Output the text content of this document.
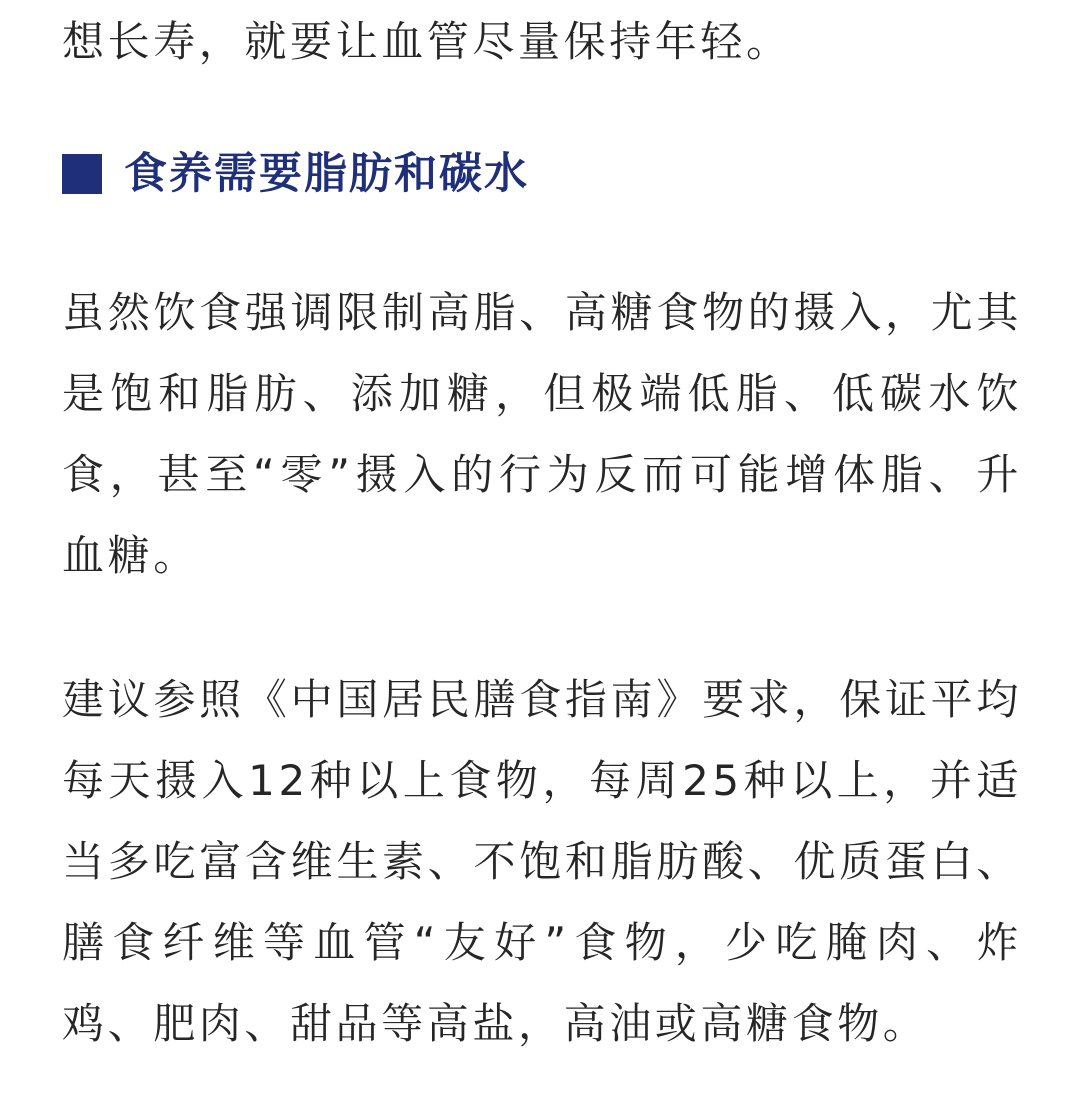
想长寿，就要让血管尽量保持年轻。

食养需要脂肪和碳水

虽然饮食强调限制高脂、高糖食物的摄入，尤其是饱和脂肪、添加糖，但极端低脂、低碳水饮食，甚至“零”摄入的行为反而可能增体脂、升血糖。

建议参照《中国居民膳食指南》要求，保证平均每天摄入12种以上食物，每周25种以上，并适当多吃富含维生素、不饱和脂肪酸、优质蛋白、膳食纤维等血管“友好”食物，少吃腌肉、炸鸡、肥肉、甜品等高盐，高油或高糖食物。
